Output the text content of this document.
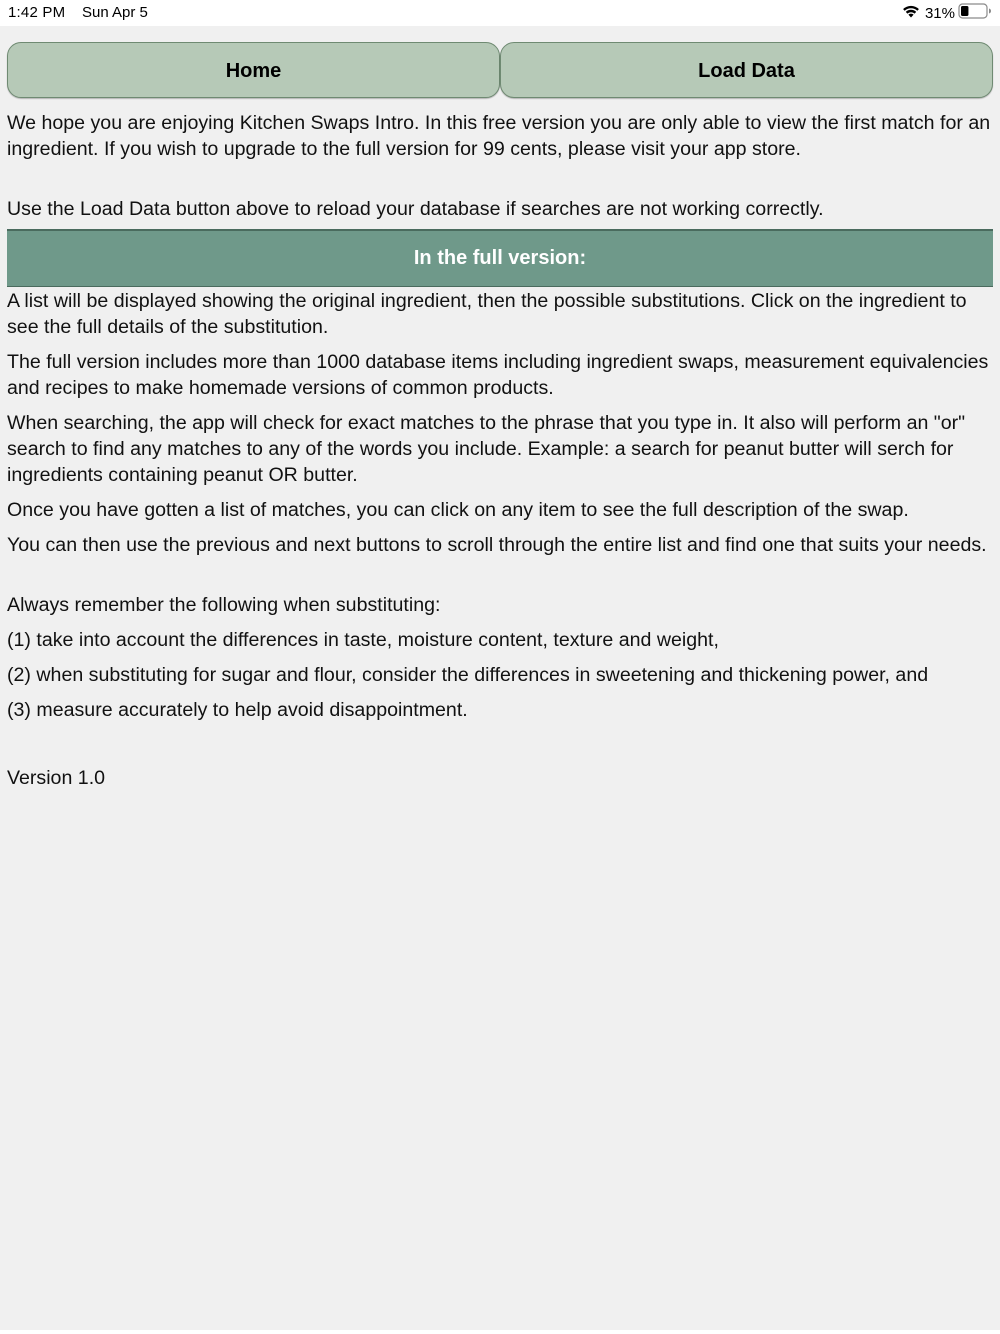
1:42 PM Sun Apr 5	31%
Home	Load Data

We hope you are enjoying Kitchen Swaps Intro. In this free version you are only able to view the first match for an ingredient. If you wish to upgrade to the full version for 99 cents, please visit your app store.

Use the Load Data button above to reload your database if searches are not working correctly.

In the full version:

A list will be displayed showing the original ingredient, then the possible substitutions. Click on the ingredient to see the full details of the substitution.

The full version includes more than 1000 database items including ingredient swaps, measurement equivalencies and recipes to make homemade versions of common products.

When searching, the app will check for exact matches to the phrase that you type in. It also will perform an "or" search to find any matches to any of the words you include. Example: a search for peanut butter will serch for ingredients containing peanut OR butter.

Once you have gotten a list of matches, you can click on any item to see the full description of the swap.

You can then use the previous and next buttons to scroll through the entire list and find one that suits your needs.

Always remember the following when substituting:

(1) take into account the differences in taste, moisture content, texture and weight,

(2) when substituting for sugar and flour, consider the differences in sweetening and thickening power, and

(3) measure accurately to help avoid disappointment.

Version 1.0
